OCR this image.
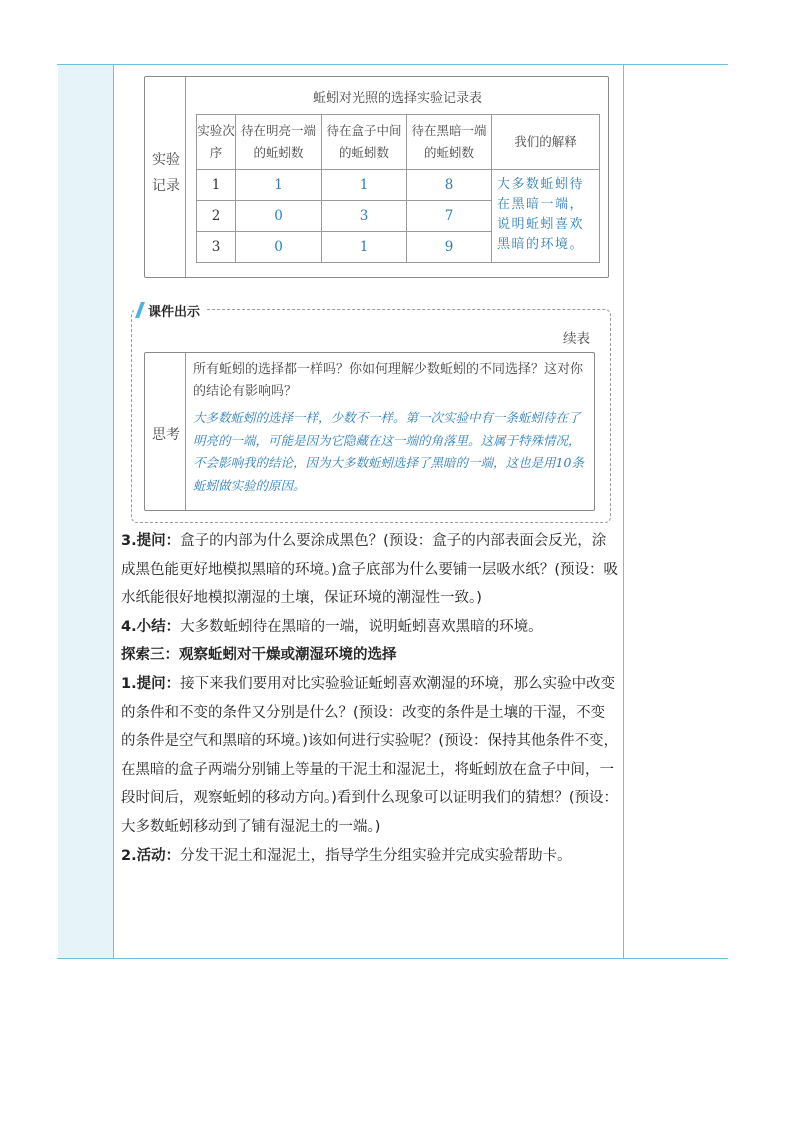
实验记录
蚯蚓对光照的选择实验记录表
实验次序	待在明亮一端的蚯蚓数	待在盒子中间的蚯蚓数	待在黑暗一端的蚯蚓数	我们的解释
1	1	1	8	大多数蚯蚓待在黑暗一端，说明蚯蚓喜欢黑暗的环境。
2	0	3	7	
3	0	1	9	
课件出示
续表
思考
所有蚯蚓的选择都一样吗？你如何理解少数蚯蚓的不同选择？这对你的结论有影响吗？
大多数蚯蚓的选择一样，少数不一样。第一次实验中有一条蚯蚓待在了明亮的一端，可能是因为它隐藏在这一端的角落里。这属于特殊情况，不会影响我的结论，因为大多数蚯蚓选择了黑暗的一端，这也是用10条蚯蚓做实验的原因。

3.提问：盒子的内部为什么要涂成黑色？(预设：盒子的内部表面会反光，涂成黑色能更好地模拟黑暗的环境。)盒子底部为什么要铺一层吸水纸？(预设：吸水纸能很好地模拟潮湿的土壤，保证环境的潮湿性一致。)

4.小结：大多数蚯蚓待在黑暗的一端，说明蚯蚓喜欢黑暗的环境。

探索三：观察蚯蚓对干燥或潮湿环境的选择

1.提问：接下来我们要用对比实验验证蚯蚓喜欢潮湿的环境，那么实验中改变的条件和不变的条件又分别是什么？(预设：改变的条件是土壤的干湿，不变的条件是空气和黑暗的环境。)该如何进行实验呢？(预设：保持其他条件不变，在黑暗的盒子两端分别铺上等量的干泥土和湿泥土，将蚯蚓放在盒子中间，一段时间后，观察蚯蚓的移动方向。)看到什么现象可以证明我们的猜想？(预设：大多数蚯蚓移动到了铺有湿泥土的一端。)

2.活动：分发干泥土和湿泥土，指导学生分组实验并完成实验帮助卡。
